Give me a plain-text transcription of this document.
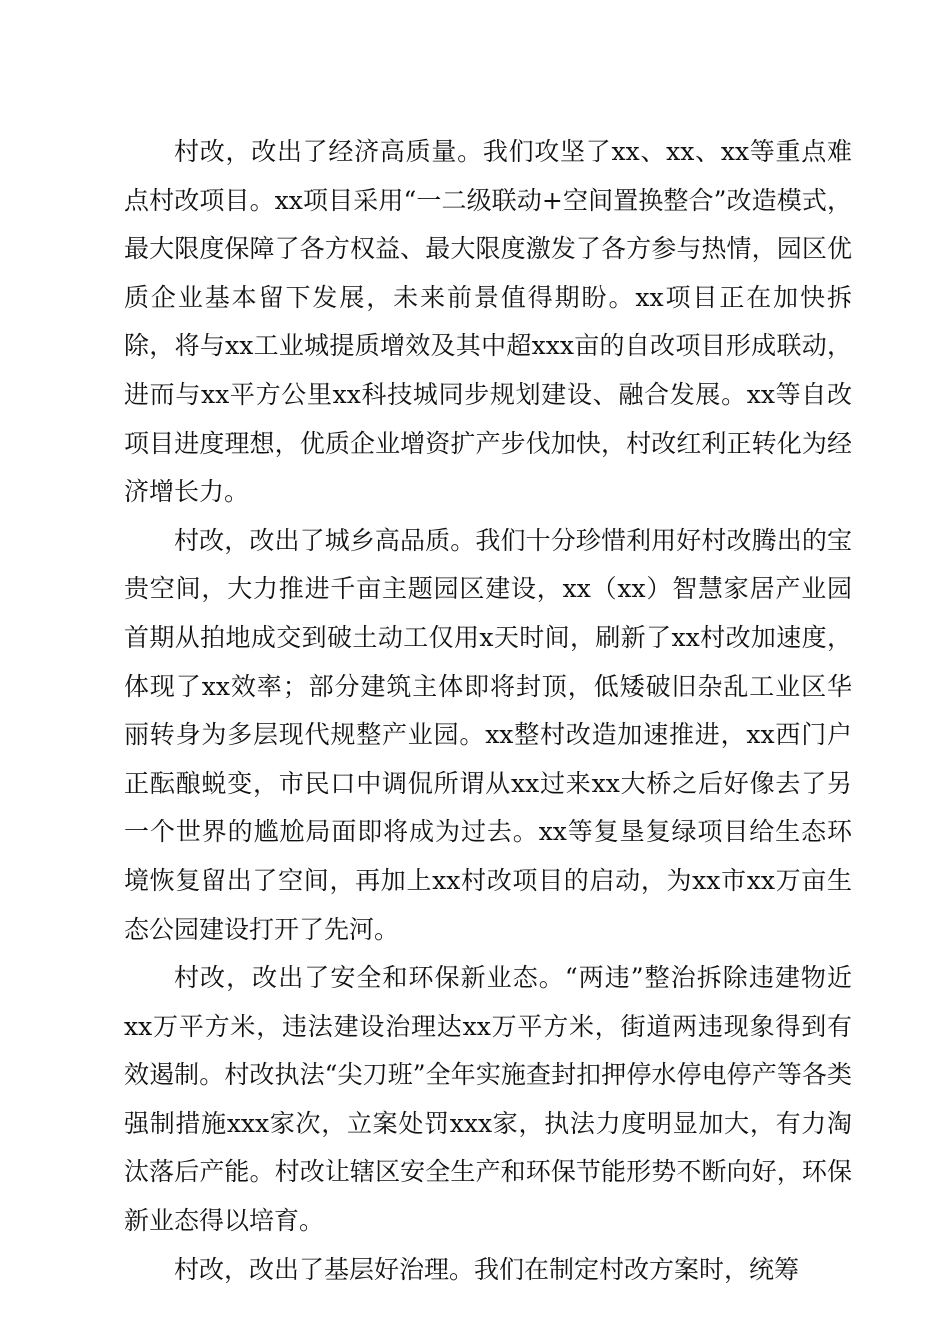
村改，改出了经济高质量。我们攻坚了xx、xx、xx等重点难点村改项目。xx项目采用“一二级联动+空间置换整合”改造模式，最大限度保障了各方权益、最大限度激发了各方参与热情，园区优质企业基本留下发展，未来前景值得期盼。xx项目正在加快拆除，将与xx工业城提质增效及其中超xxx亩的自改项目形成联动，进而与xx平方公里xx科技城同步规划建设、融合发展。xx等自改项目进度理想，优质企业增资扩产步伐加快，村改红利正转化为经济增长力。

村改，改出了城乡高品质。我们十分珍惜利用好村改腾出的宝贵空间，大力推进千亩主题园区建设，xx（xx）智慧家居产业园首期从拍地成交到破土动工仅用x天时间，刷新了xx村改加速度，体现了xx效率；部分建筑主体即将封顶，低矮破旧杂乱工业区华丽转身为多层现代规整产业园。xx整村改造加速推进，xx西门户正酝酿蜕变，市民口中调侃所谓从xx过来xx大桥之后好像去了另一个世界的尴尬局面即将成为过去。xx等复垦复绿项目给生态环境恢复留出了空间，再加上xx村改项目的启动，为xx市xx万亩生态公园建设打开了先河。

村改，改出了安全和环保新业态。“两违”整治拆除违建物近xx万平方米，违法建设治理达xx万平方米，街道两违现象得到有效遏制。村改执法“尖刀班”全年实施查封扣押停水停电停产等各类强制措施xxx家次，立案处罚xxx家，执法力度明显加大，有力淘汰落后产能。村改让辖区安全生产和环保节能形势不断向好，环保新业态得以培育。

村改，改出了基层好治理。我们在制定村改方案时，统筹
